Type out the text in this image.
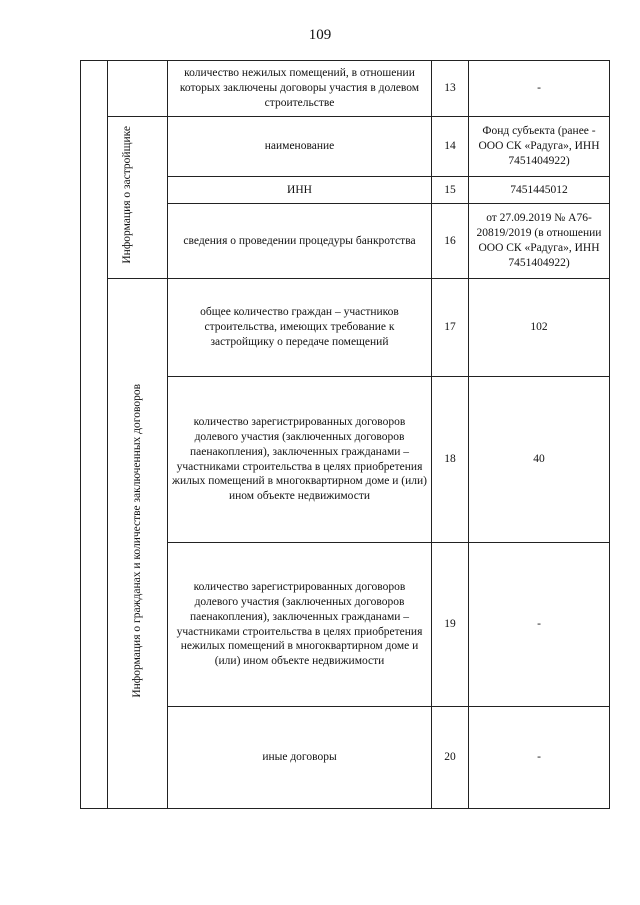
109
		количество нежилых помещений, в отношении которых заключены договоры участия в долевом строительстве	13	-
	Информация о застройщике	наименование	14	Фонд субъекта (ранее - ООО СК «Радуга», ИНН 7451404922)
		ИНН	15	7451445012
		сведения о проведении процедуры банкротства	16	от 27.09.2019 № А76-20819/2019 (в отношении ООО СК «Радуга», ИНН 7451404922)
	Информация о гражданах и количестве заключенных договоров	общее количество граждан – участников строительства, имеющих требование к застройщику о передаче помещений	17	102
		количество зарегистрированных договоров долевого участия (заключенных договоров паенакопления), заключенных гражданами – участниками строительства в целях приобретения жилых помещений в многоквартирном доме и (или) ином объекте недвижимости	18	40
		количество зарегистрированных договоров долевого участия (заключенных договоров паенакопления), заключенных гражданами – участниками строительства в целях приобретения нежилых помещений в многоквартирном доме и (или) ином объекте недвижимости	19	-
		иные договоры	20	-
